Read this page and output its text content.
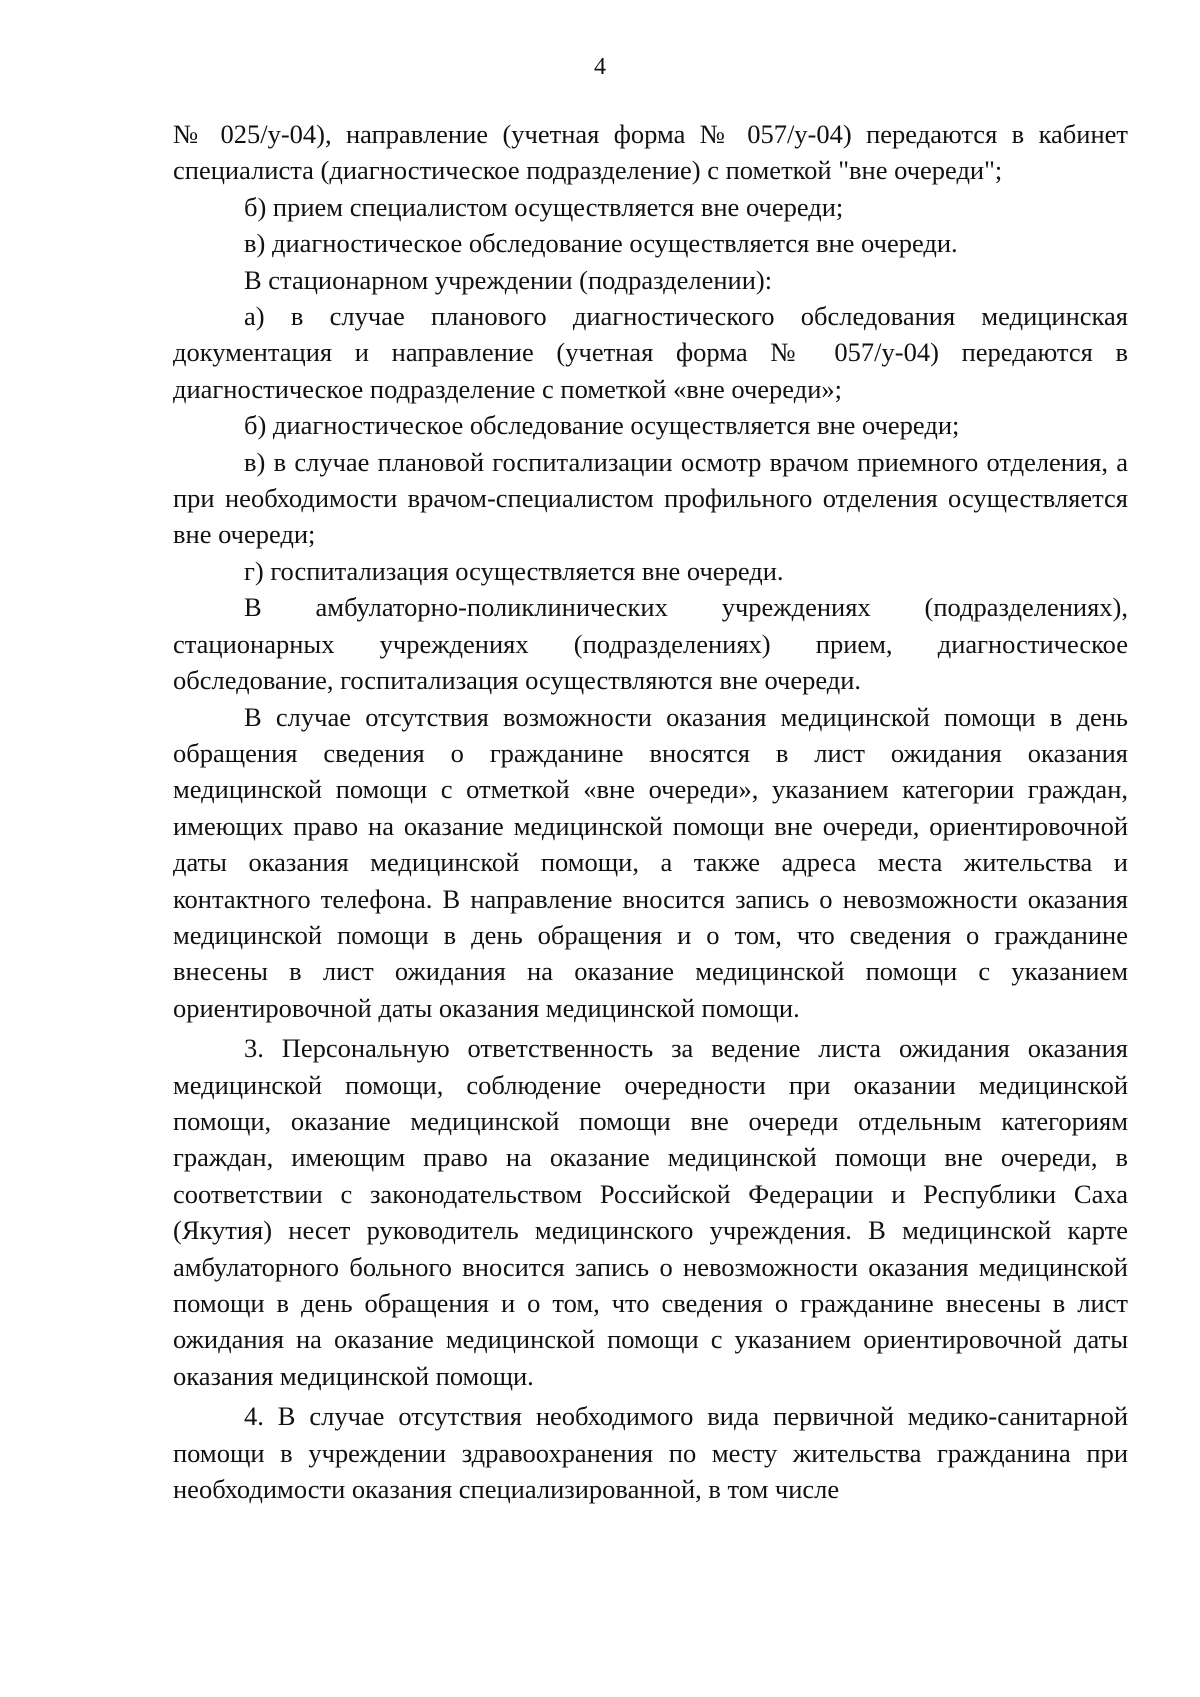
4

№ 025/у-04), направление (учетная форма № 057/у-04) передаются в кабинет специалиста (диагностическое подразделение) с пометкой "вне очереди";

б) прием специалистом осуществляется вне очереди;

в) диагностическое обследование осуществляется вне очереди.

В стационарном учреждении (подразделении):

а) в случае планового диагностического обследования медицинская документация и направление (учетная форма № 057/у-04) передаются в диагностическое подразделение с пометкой «вне очереди»;

б) диагностическое обследование осуществляется вне очереди;

в) в случае плановой госпитализации осмотр врачом приемного отделения, а при необходимости врачом-специалистом профильного отделения осуществляется вне очереди;

г) госпитализация осуществляется вне очереди.

В амбулаторно-поликлинических учреждениях (подразделениях), стационарных учреждениях (подразделениях) прием, диагностическое обследование, госпитализация осуществляются вне очереди.

В случае отсутствия возможности оказания медицинской помощи в день обращения сведения о гражданине вносятся в лист ожидания оказания медицинской помощи с отметкой «вне очереди», указанием категории граждан, имеющих право на оказание медицинской помощи вне очереди, ориентировочной даты оказания медицинской помощи, а также адреса места жительства и контактного телефона. В направление вносится запись о невозможности оказания медицинской помощи в день обращения и о том, что сведения о гражданине внесены в лист ожидания на оказание медицинской помощи с указанием ориентировочной даты оказания медицинской помощи.

3. Персональную ответственность за ведение листа ожидания оказания медицинской помощи, соблюдение очередности при оказании медицинской помощи, оказание медицинской помощи вне очереди отдельным категориям граждан, имеющим право на оказание медицинской помощи вне очереди, в соответствии с законодательством Российской Федерации и Республики Саха (Якутия) несет руководитель медицинского учреждения. В медицинской карте амбулаторного больного вносится запись о невозможности оказания медицинской помощи в день обращения и о том, что сведения о гражданине внесены в лист ожидания на оказание медицинской помощи с указанием ориентировочной даты оказания медицинской помощи.

4. В случае отсутствия необходимого вида первичной медико-санитарной помощи в учреждении здравоохранения по месту жительства гражданина при необходимости оказания специализированной, в том числе
